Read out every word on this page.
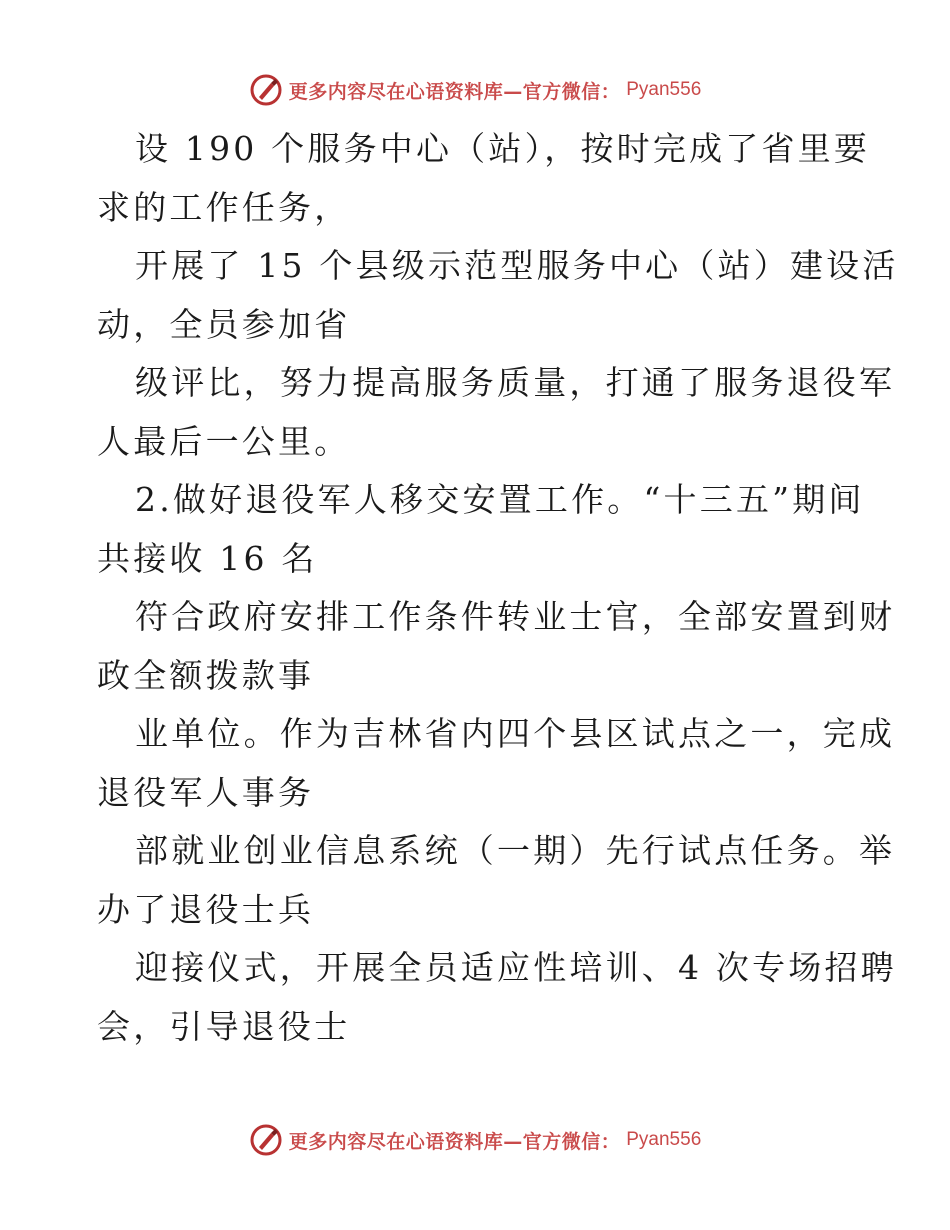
更多内容尽在心语资料库—官方微信： Pyan556
设 190 个服务中心（站），按时完成了省里要
求的工作任务，
开展了 15 个县级示范型服务中心（站）建设活
动，全员参加省
级评比，努力提高服务质量，打通了服务退役军
人最后一公里。
2.做好退役军人移交安置工作。“十三五”期间
共接收 16 名
符合政府安排工作条件转业士官，全部安置到财
政全额拨款事
业单位。作为吉林省内四个县区试点之一，完成
退役军人事务
部就业创业信息系统（一期）先行试点任务。举
办了退役士兵
迎接仪式，开展全员适应性培训、4 次专场招聘
会，引导退役士
更多内容尽在心语资料库—官方微信： Pyan556
